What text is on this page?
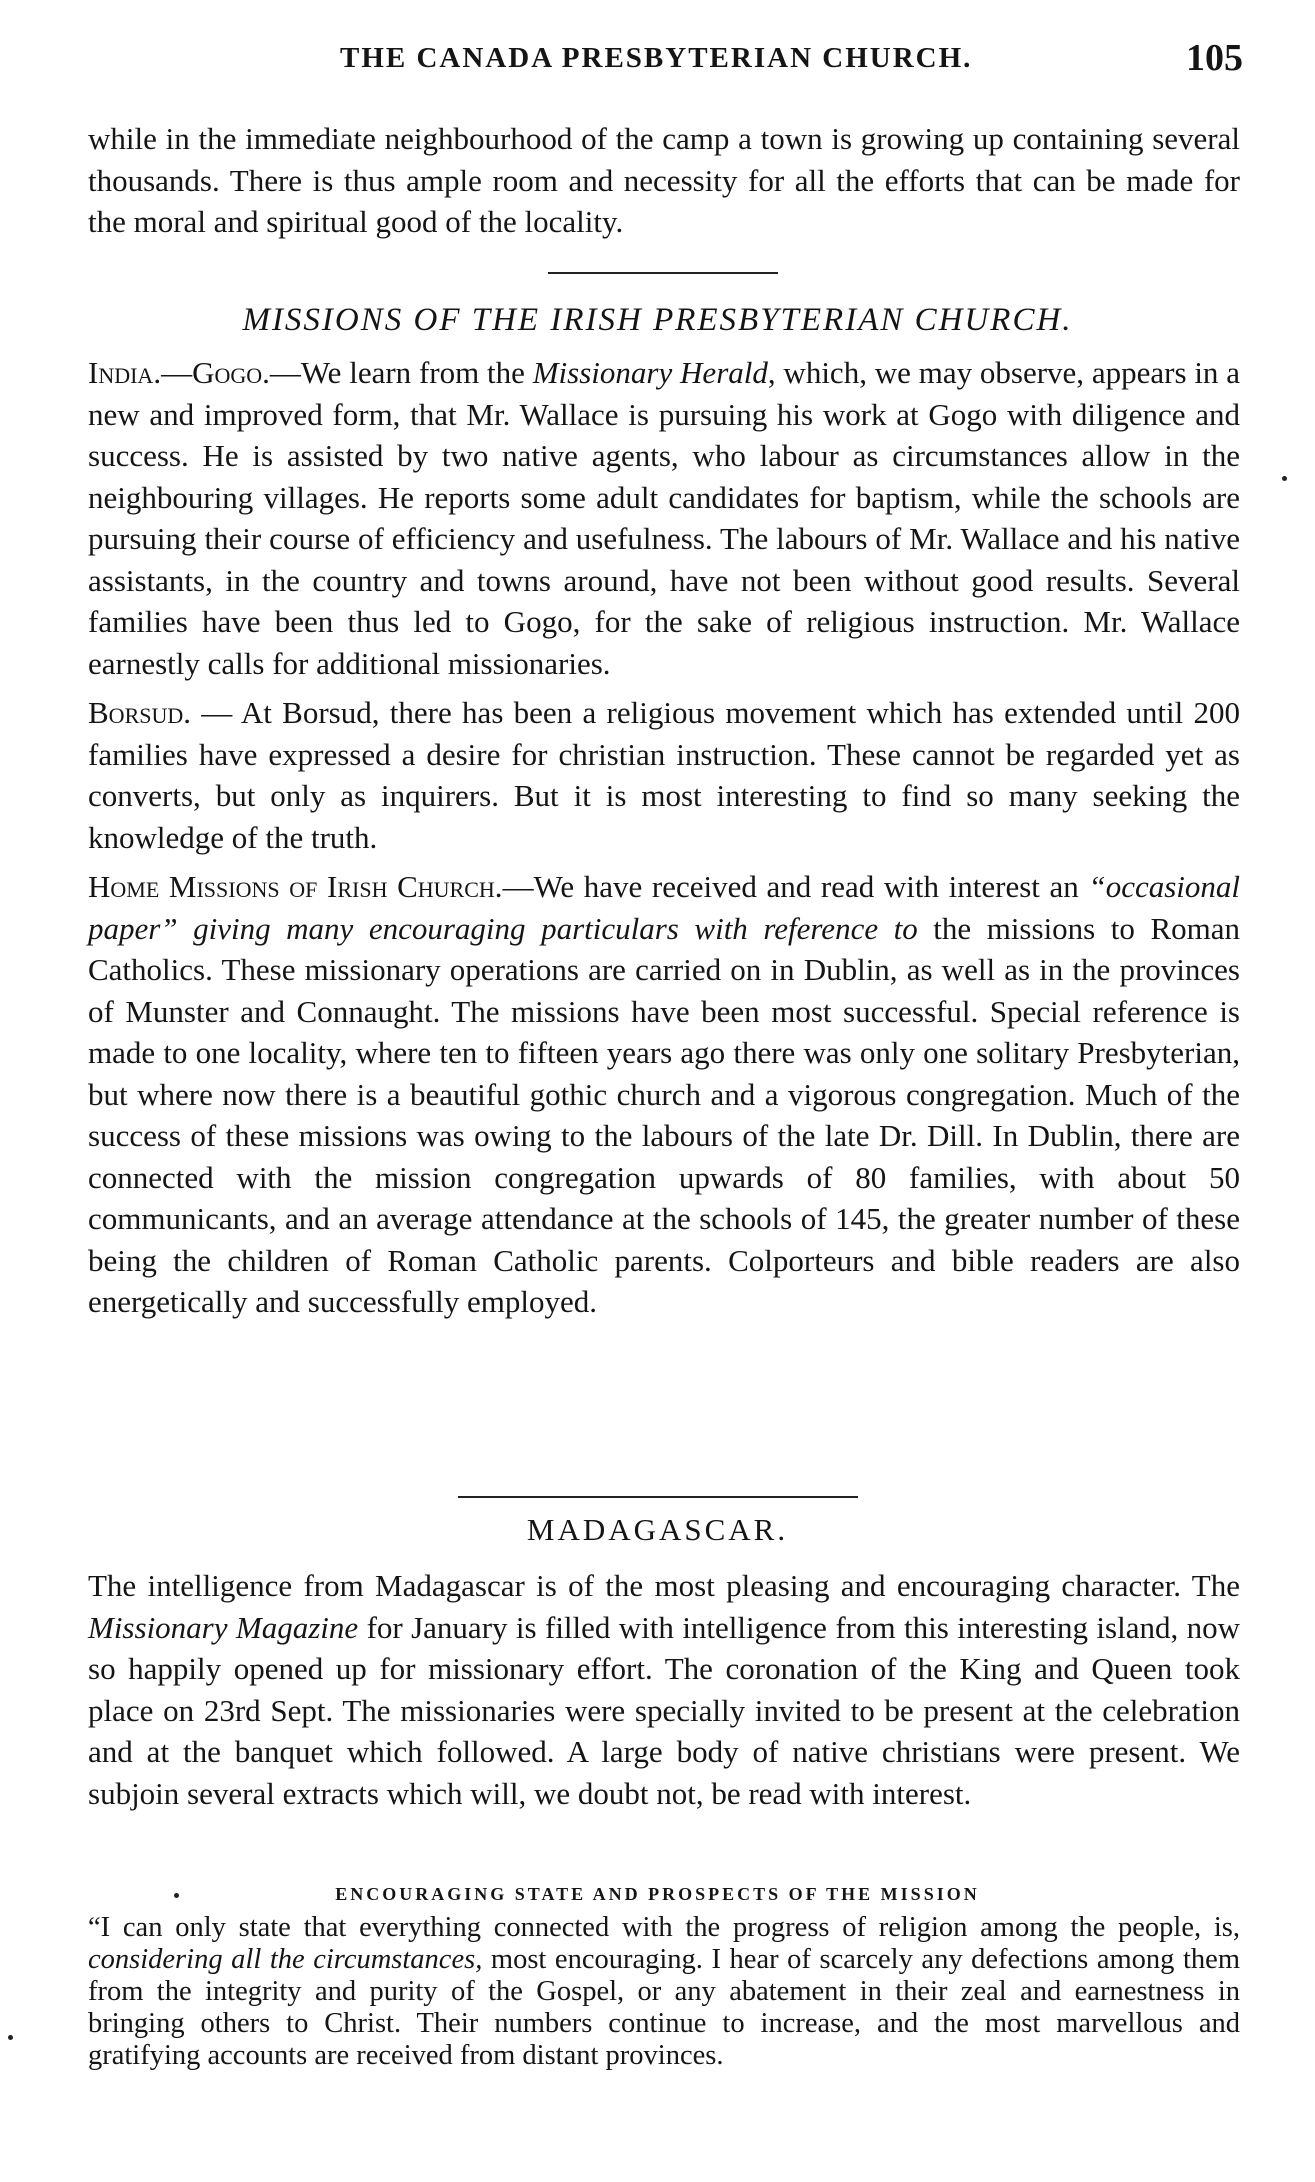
THE CANADA PRESBYTERIAN CHURCH.	105

while in the immediate neighbourhood of the camp a town is growing up containing several thousands. There is thus ample room and necessity for all the efforts that can be made for the moral and spiritual good of the locality.

MISSIONS OF THE IRISH PRESBYTERIAN CHURCH.

India.—Gogo.—We learn from the Missionary Herald, which, we may observe, appears in a new and improved form, that Mr. Wallace is pursuing his work at Gogo with diligence and success. He is assisted by two native agents, who labour as circumstances allow in the neighbouring villages. He reports some adult candidates for baptism, while the schools are pursuing their course of efficiency and usefulness. The labours of Mr. Wallace and his native assistants, in the country and towns around, have not been without good results. Several families have been thus led to Gogo, for the sake of religious instruction. Mr. Wallace earnestly calls for additional missionaries.

Borsud. — At Borsud, there has been a religious movement which has extended until 200 families have expressed a desire for christian instruction. These cannot be regarded yet as converts, but only as inquirers. But it is most interesting to find so many seeking the knowledge of the truth.

Home Missions of Irish Church.—We have received and read with interest an “occasional paper” giving many encouraging particulars with reference to the missions to Roman Catholics. These missionary operations are carried on in Dublin, as well as in the provinces of Munster and Connaught. The missions have been most successful. Special reference is made to one locality, where ten to fifteen years ago there was only one solitary Presbyterian, but where now there is a beautiful gothic church and a vigorous congregation. Much of the success of these missions was owing to the labours of the late Dr. Dill. In Dublin, there are connected with the mission congregation upwards of 80 families, with about 50 communicants, and an average attendance at the schools of 145, the greater number of these being the children of Roman Catholic parents. Colporteurs and bible readers are also energetically and successfully employed.

MADAGASCAR.

The intelligence from Madagascar is of the most pleasing and encouraging character. The Missionary Magazine for January is filled with intelligence from this interesting island, now so happily opened up for missionary effort. The coronation of the King and Queen took place on 23rd Sept. The missionaries were specially invited to be present at the celebration and at the banquet which followed. A large body of native christians were present. We subjoin several extracts which will, we doubt not, be read with interest.

ENCOURAGING STATE AND PROSPECTS OF THE MISSION

“I can only state that everything connected with the progress of religion among the people, is, considering all the circumstances, most encouraging. I hear of scarcely any defections among them from the integrity and purity of the Gospel, or any abatement in their zeal and earnestness in bringing others to Christ. Their numbers continue to increase, and the most marvellous and gratifying accounts are received from distant provinces.
